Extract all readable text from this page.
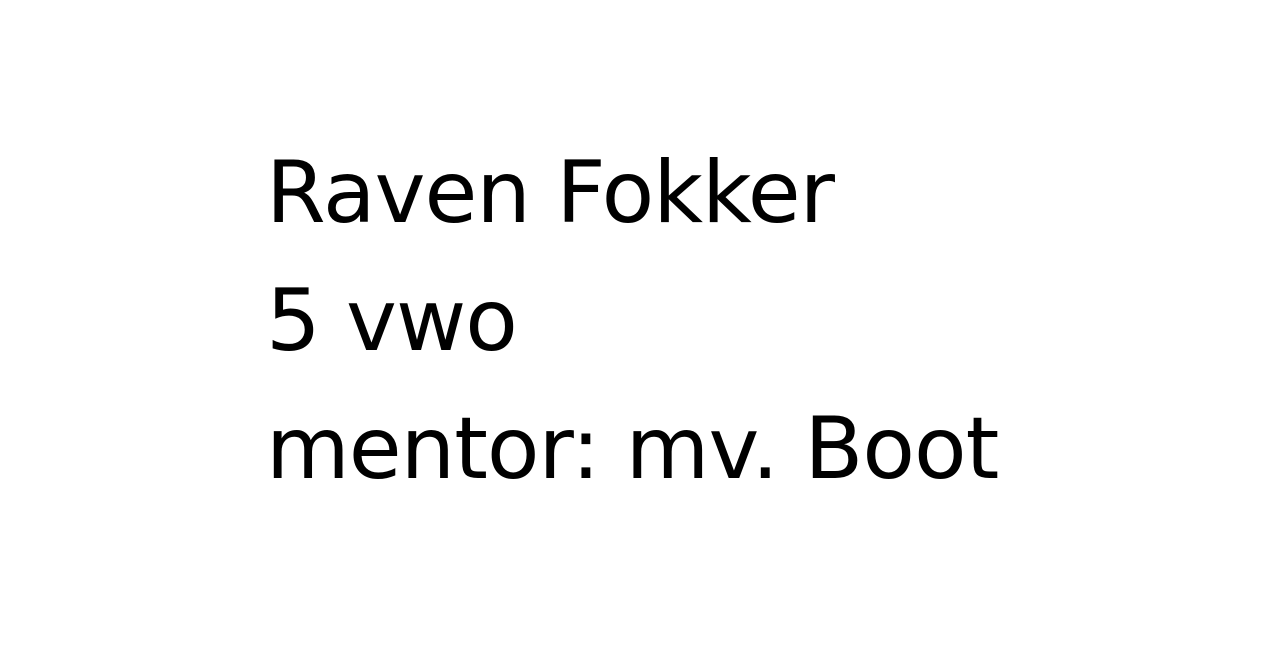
Raven Fokker
5 vwo
mentor: mv. Boot
